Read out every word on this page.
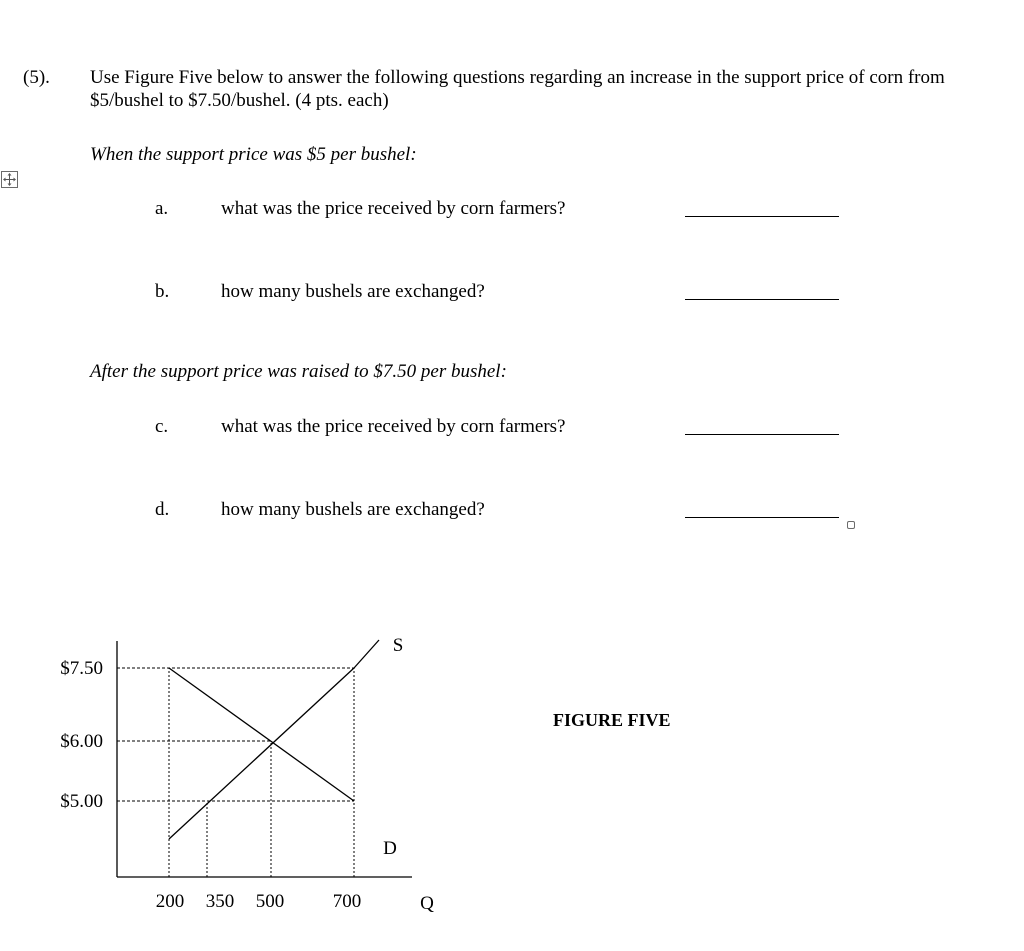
(5). Use Figure Five below to answer the following questions regarding an increase in the support price of corn from
$5/bushel to $7.50/bushel. (4 pts. each)
When the support price was $5 per bushel:
a.	what was the price received by corn farmers?
b.	how many bushels are exchanged?
After the support price was raised to $7.50 per bushel:
c.	what was the price received by corn farmers?
d.	how many bushels are exchanged?
FIGURE FIVE
$7.50
$6.00
$5.00
200 350 500	700	Q
S
D
